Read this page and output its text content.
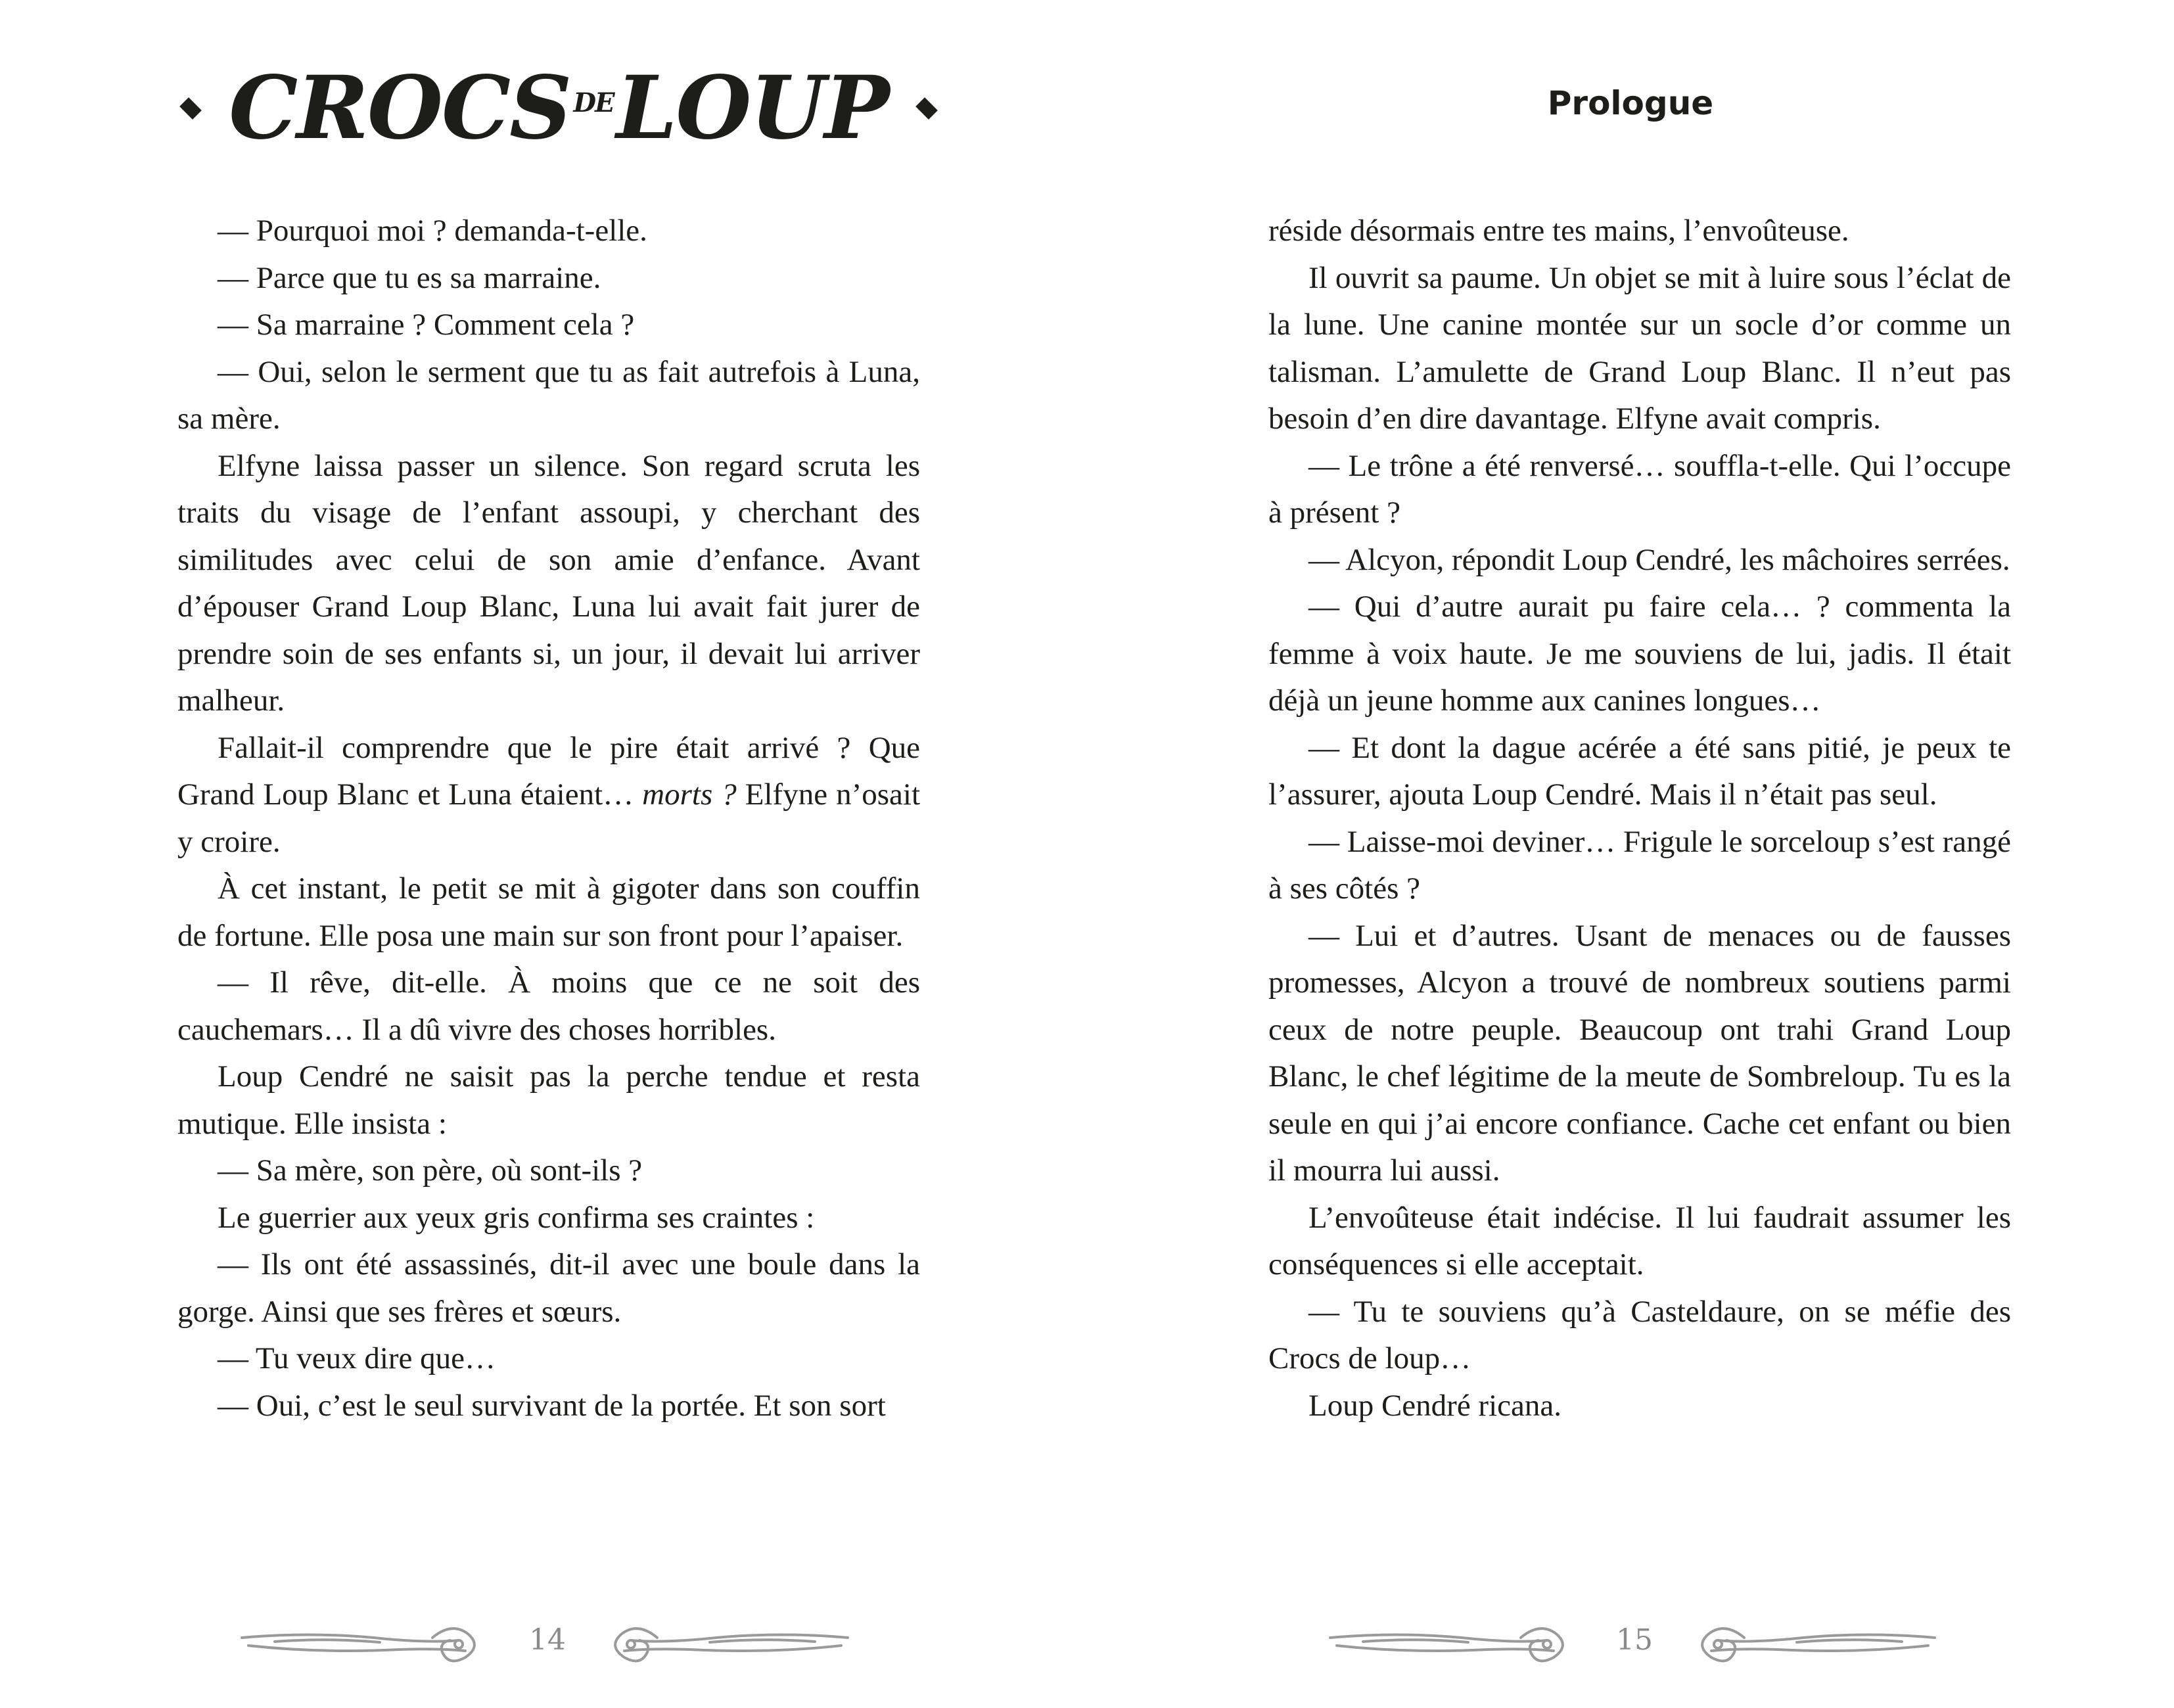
CROCS DE LOUP

— Pourquoi moi ? demanda-t-elle.

— Parce que tu es sa marraine.

— Sa marraine ? Comment cela ?

— Oui, selon le serment que tu as fait autrefois à Luna, sa mère.

Elfyne laissa passer un silence. Son regard scruta les traits du visage de l’enfant assoupi, y cherchant des similitudes avec celui de son amie d’enfance. Avant d’épouser Grand Loup Blanc, Luna lui avait fait jurer de prendre soin de ses enfants si, un jour, il devait lui arriver malheur.

Fallait-il comprendre que le pire était arrivé ? Que Grand Loup Blanc et Luna étaient… morts ? Elfyne n’osait y croire.

À cet instant, le petit se mit à gigoter dans son couffin de fortune. Elle posa une main sur son front pour l’apaiser.

— Il rêve, dit-elle. À moins que ce ne soit des cauchemars… Il a dû vivre des choses horribles.

Loup Cendré ne saisit pas la perche tendue et resta mutique. Elle insista :

— Sa mère, son père, où sont-ils ?

Le guerrier aux yeux gris confirma ses craintes :

— Ils ont été assassinés, dit-il avec une boule dans la gorge. Ainsi que ses frères et sœurs.

— Tu veux dire que…

— Oui, c’est le seul survivant de la portée. Et son sort

14
Prologue

réside désormais entre tes mains, l’envoûteuse.

Il ouvrit sa paume. Un objet se mit à luire sous l’éclat de la lune. Une canine montée sur un socle d’or comme un talisman. L’amulette de Grand Loup Blanc. Il n’eut pas besoin d’en dire davantage. Elfyne avait compris.

— Le trône a été renversé… souffla-t-elle. Qui l’occupe à présent ?

— Alcyon, répondit Loup Cendré, les mâchoires serrées.

— Qui d’autre aurait pu faire cela… ? commenta la femme à voix haute. Je me souviens de lui, jadis. Il était déjà un jeune homme aux canines longues…

— Et dont la dague acérée a été sans pitié, je peux te l’assurer, ajouta Loup Cendré. Mais il n’était pas seul.

— Laisse-moi deviner… Frigule le sorceloup s’est rangé à ses côtés ?

— Lui et d’autres. Usant de menaces ou de fausses promesses, Alcyon a trouvé de nombreux soutiens parmi ceux de notre peuple. Beaucoup ont trahi Grand Loup Blanc, le chef légitime de la meute de Sombreloup. Tu es la seule en qui j’ai encore confiance. Cache cet enfant ou bien il mourra lui aussi.

L’envoûteuse était indécise. Il lui faudrait assumer les conséquences si elle acceptait.

— Tu te souviens qu’à Casteldaure, on se méfie des Crocs de loup…

Loup Cendré ricana.

15
